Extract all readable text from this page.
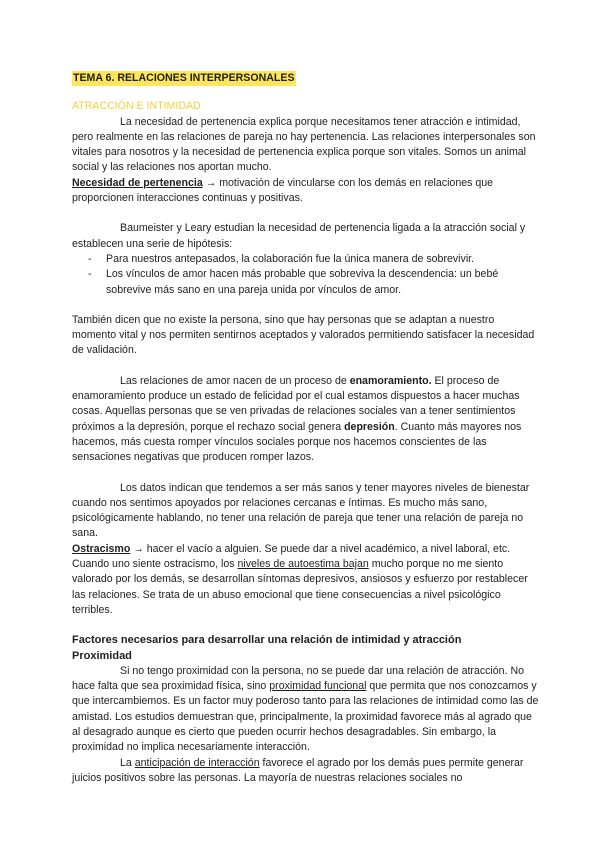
TEMA 6. RELACIONES INTERPERSONALES
ATRACCIÓN E INTIMIDAD

La necesidad de pertenencia explica porque necesitamos tener atracción e intimidad, pero realmente en las relaciones de pareja no hay pertenencia. Las relaciones interpersonales son vitales para nosotros y la necesidad de pertenencia explica porque son vitales. Somos un animal social y las relaciones nos aportan mucho.

Necesidad de pertenencia → motivación de vincularse con los demás en relaciones que proporcionen interacciones continuas y positivas.

Baumeister y Leary estudian la necesidad de pertenencia ligada a la atracción social y establecen una serie de hipótesis:

- Para nuestros antepasados, la colaboración fue la única manera de sobrevivir.
- Los vínculos de amor hacen más probable que sobreviva la descendencia: un bebé sobrevive más sano en una pareja unida por vínculos de amor.

También dicen que no existe la persona, sino que hay personas que se adaptan a nuestro momento vital y nos permiten sentirnos aceptados y valorados permitiendo satisfacer la necesidad de validación.

Las relaciones de amor nacen de un proceso de enamoramiento. El proceso de enamoramiento produce un estado de felicidad por el cual estamos dispuestos a hacer muchas cosas. Aquellas personas que se ven privadas de relaciones sociales van a tener sentimientos próximos a la depresión, porque el rechazo social genera depresión. Cuanto más mayores nos hacemos, más cuesta romper vínculos sociales porque nos hacemos conscientes de las sensaciones negativas que producen romper lazos.

Los datos indican que tendemos a ser más sanos y tener mayores niveles de bienestar cuando nos sentimos apoyados por relaciones cercanas e íntimas. Es mucho más sano, psicológicamente hablando, no tener una relación de pareja que tener una relación de pareja no sana.

Ostracismo → hacer el vacío a alguien. Se puede dar a nivel académico, a nivel laboral, etc. Cuando uno siente ostracismo, los niveles de autoestima bajan mucho porque no me siento valorado por los demás, se desarrollan síntomas depresivos, ansiosos y esfuerzo por restablecer las relaciones. Se trata de un abuso emocional que tiene consecuencias a nivel psicológico terribles.

Factores necesarios para desarrollar una relación de intimidad y atracción
Proximidad

Si no tengo proximidad con la persona, no se puede dar una relación de atracción. No hace falta que sea proximidad física, sino proximidad funcional que permita que nos conozcamos y que intercambiemos. Es un factor muy poderoso tanto para las relaciones de intimidad como las de amistad. Los estudios demuestran que, principalmente, la proximidad favorece más al agrado que al desagrado aunque es cierto que pueden ocurrir hechos desagradables. Sin embargo, la proximidad no implica necesariamente interacción.

La anticipación de interacción favorece el agrado por los demás pues permite generar juicios positivos sobre las personas. La mayoría de nuestras relaciones sociales no
